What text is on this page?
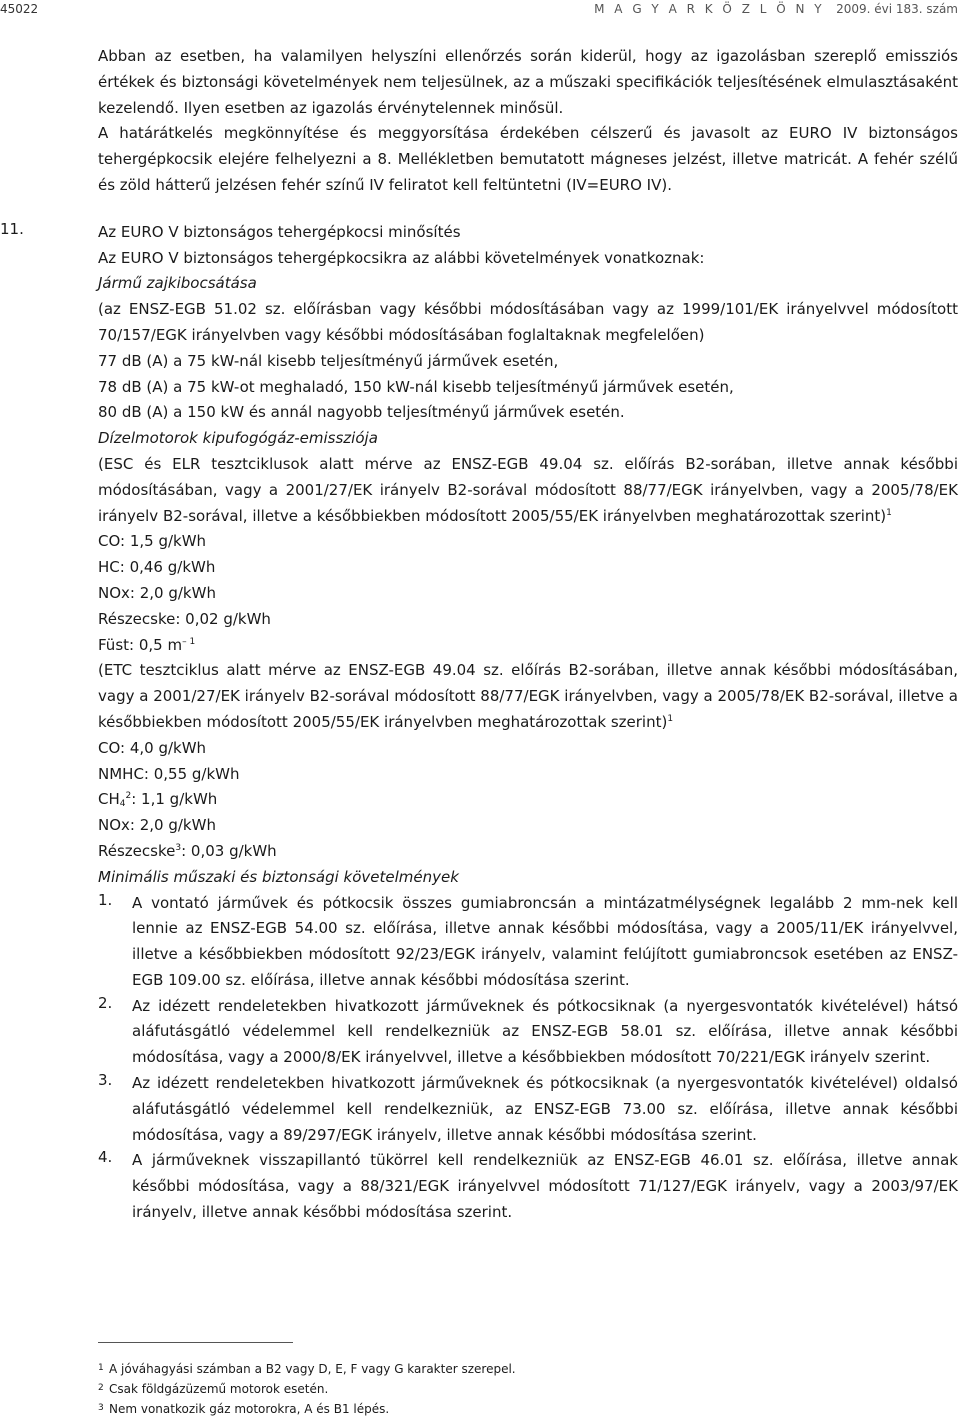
45022	M A G Y A R K Ö Z L Ö N Y 2009. évi 183. szám

Abban az esetben, ha valamilyen helyszíni ellenőrzés során kiderül, hogy az igazolásban szereplő emissziós értékek és biztonsági követelmények nem teljesülnek, az a műszaki specifikációk teljesítésének elmulasztásaként kezelendő. Ilyen esetben az igazolás érvénytelennek minősül.

A határátkelés megkönnyítése és meggyorsítása érdekében célszerű és javasolt az EURO IV biztonságos tehergépkocsik elejére felhelyezni a 8. Mellékletben bemutatott mágneses jelzést, illetve matricát. A fehér szélű és zöld hátterű jelzésen fehér színű IV feliratot kell feltüntetni (IV=EURO IV).

11.	Az EURO V biztonságos tehergépkocsi minősítés

Az EURO V biztonságos tehergépkocsikra az alábbi követelmények vonatkoznak:

Jármű zajkibocsátása

(az ENSZ-EGB 51.02 sz. előírásban vagy későbbi módosításában vagy az 1999/101/EK irányelvvel módosított 70/157/EGK irányelvben vagy későbbi módosításában foglaltaknak megfelelően)

77 dB (A) a 75 kW-nál kisebb teljesítményű járművek esetén,

78 dB (A) a 75 kW-ot meghaladó, 150 kW-nál kisebb teljesítményű járművek esetén,

80 dB (A) a 150 kW és annál nagyobb teljesítményű járművek esetén.

Dízelmotorok kipufogógáz-emissziója

(ESC és ELR tesztciklusok alatt mérve az ENSZ-EGB 49.04 sz. előírás B2-sorában, illetve annak későbbi módosításában, vagy a 2001/27/EK irányelv B2-sorával módosított 88/77/EGK irányelvben, vagy a 2005/78/EK irányelv B2-sorával, illetve a későbbiekben módosított 2005/55/EK irányelvben meghatározottak szerint)$^1$

CO: 1,5 g/kWh

HC: 0,46 g/kWh

NOx: 2,0 g/kWh

Részecske: 0,02 g/kWh

Füst: 0,5 $m^{- 1}$

(ETC tesztciklus alatt mérve az ENSZ-EGB 49.04 sz. előírás B2-sorában, illetve annak későbbi módosításában, vagy a 2001/27/EK irányelv B2-sorával módosított 88/77/EGK irányelvben, vagy a 2005/78/EK B2-sorával, illetve a későbbiekben módosított 2005/55/EK irányelvben meghatározottak szerint)$^1$

CO: 4,0 g/kWh

NMHC: 0,55 g/kWh

$CH_4^2$: 1,1 g/kWh

NOx: 2,0 g/kWh

Részecske$^3$: 0,03 g/kWh

Minimális műszaki és biztonsági követelmények

1. A vontató járművek és pótkocsik összes gumiabroncsán a mintázatmélységnek legalább 2 mm-nek kell lennie az ENSZ-EGB 54.00 sz. előírása, illetve annak későbbi módosítása, vagy a 2005/11/EK irányelvvel, illetve a későbbiekben módosított 92/23/EGK irányelv, valamint felújított gumiabroncsok esetében az ENSZ-EGB 109.00 sz. előírása, illetve annak későbbi módosítása szerint.

2. Az idézett rendeletekben hivatkozott járműveknek és pótkocsiknak (a nyergesvontatók kivételével) hátsó aláfutásgátló védelemmel kell rendelkezniük az ENSZ-EGB 58.01 sz. előírása, illetve annak későbbi módosítása, vagy a 2000/8/EK irányelvvel, illetve a későbbiekben módosított 70/221/EGK irányelv szerint.

3. Az idézett rendeletekben hivatkozott járműveknek és pótkocsiknak (a nyergesvontatók kivételével) oldalsó aláfutásgátló védelemmel kell rendelkezniük, az ENSZ-EGB 73.00 sz. előírása, illetve annak későbbi módosítása, vagy a 89/297/EGK irányelv, illetve annak későbbi módosítása szerint.

4. A járműveknek visszapillantó tükörrel kell rendelkezniük az ENSZ-EGB 46.01 sz. előírása, illetve annak későbbi módosítása, vagy a 88/321/EGK irányelvvel módosított 71/127/EGK irányelv, vagy a 2003/97/EK irányelv, illetve annak későbbi módosítása szerint.

1 A jóváhagyási számban a B2 vagy D, E, F vagy G karakter szerepel.
2 Csak földgázüzemű motorok esetén.
3 Nem vonatkozik gáz motorokra, A és B1 lépés.
